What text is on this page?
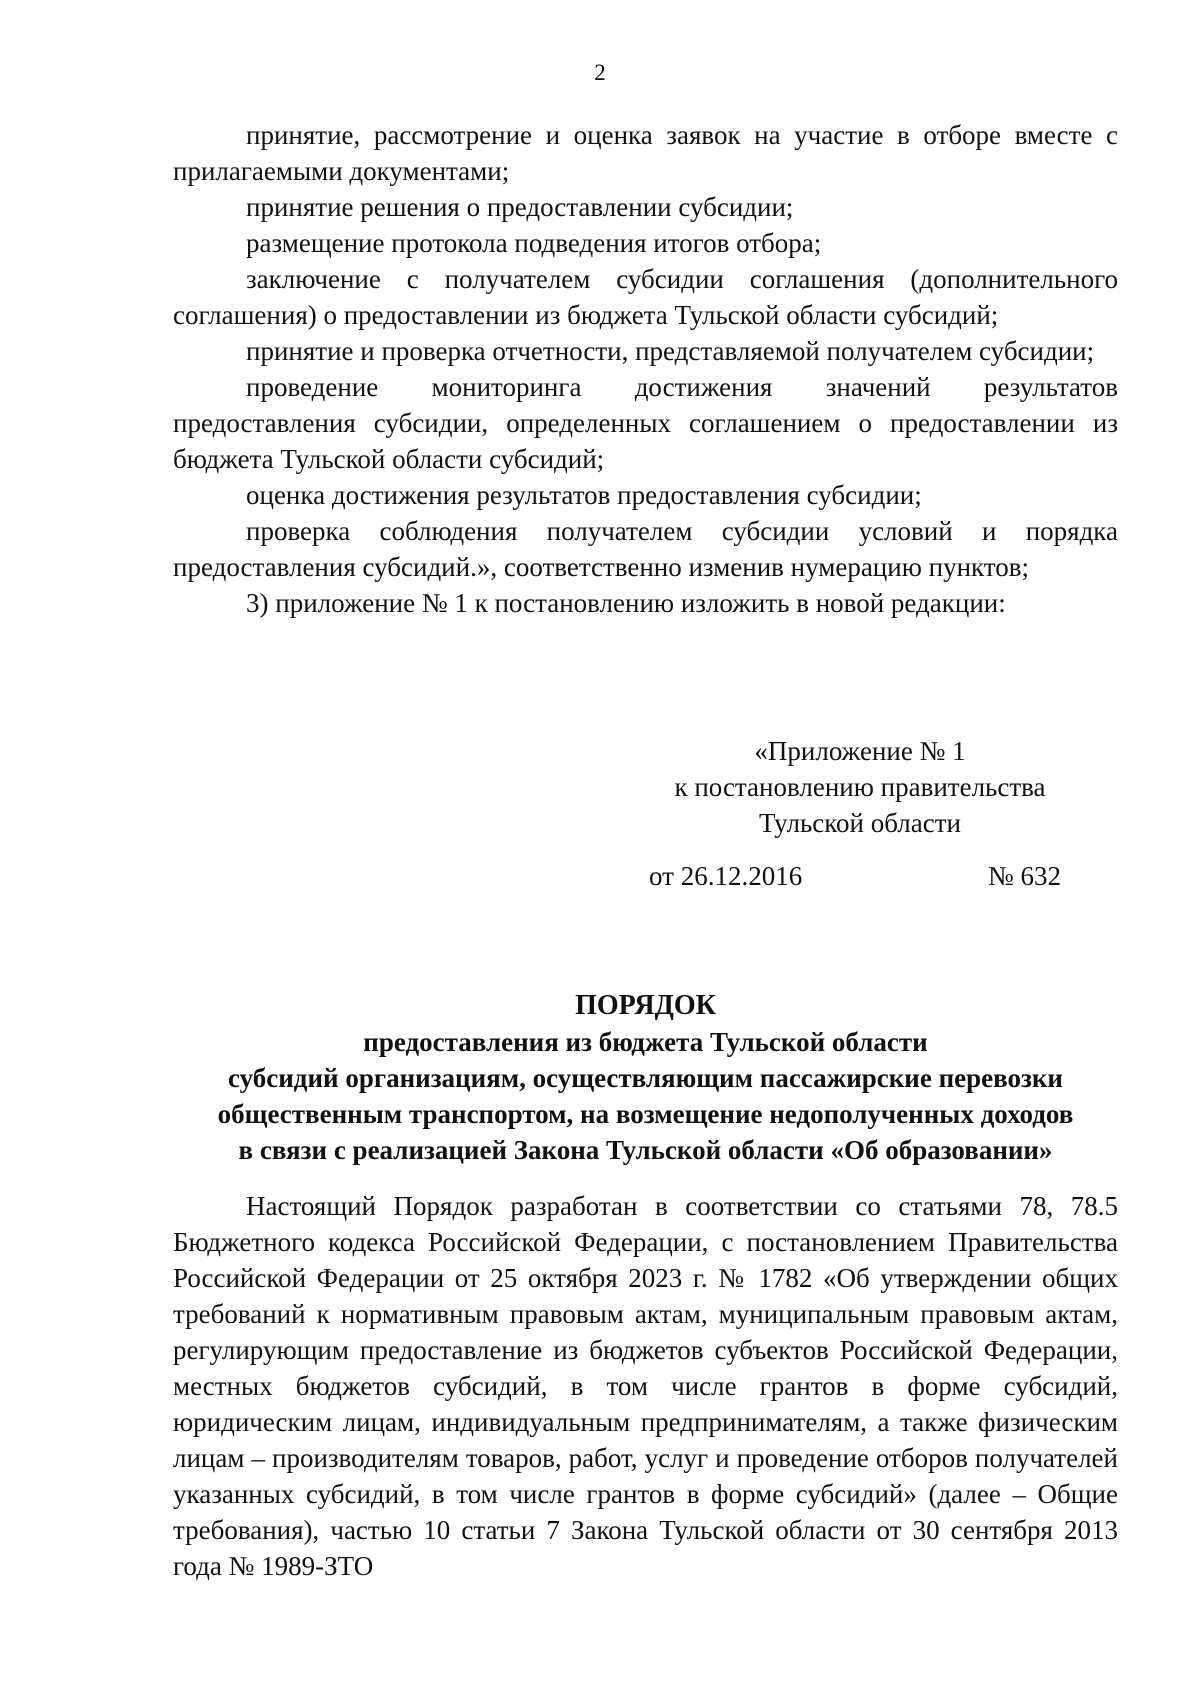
2

принятие, рассмотрение и оценка заявок на участие в отборе вместе с прилагаемыми документами;

принятие решения о предоставлении субсидии;

размещение протокола подведения итогов отбора;

заключение с получателем субсидии соглашения (дополнительного соглашения) о предоставлении из бюджета Тульской области субсидий;

принятие и проверка отчетности, представляемой получателем субсидии;

проведение мониторинга достижения значений результатов предоставления субсидии, определенных соглашением о предоставлении из бюджета Тульской области субсидий;

оценка достижения результатов предоставления субсидии;

проверка соблюдения получателем субсидии условий и порядка предоставления субсидий.», соответственно изменив нумерацию пунктов;

3) приложение № 1 к постановлению изложить в новой редакции:

«Приложение № 1
к постановлению правительства
Тульской области
от 26.12.2016	№ 632
ПОРЯДОК
предоставления из бюджета Тульской области
субсидий организациям, осуществляющим пассажирские перевозки
общественным транспортом, на возмещение недополученных доходов
в связи с реализацией Закона Тульской области «Об образовании»

Настоящий Порядок разработан в соответствии со статьями 78, 78.5 Бюджетного кодекса Российской Федерации, с постановлением Правительства Российской Федерации от 25 октября 2023 г. № 1782 «Об утверждении общих требований к нормативным правовым актам, муниципальным правовым актам, регулирующим предоставление из бюджетов субъектов Российской Федерации, местных бюджетов субсидий, в том числе грантов в форме субсидий, юридическим лицам, индивидуальным предпринимателям, а также физическим лицам – производителям товаров, работ, услуг и проведение отборов получателей указанных субсидий, в том числе грантов в форме субсидий» (далее – Общие требования), частью 10 статьи 7 Закона Тульской области от 30 сентября 2013 года № 1989-ЗТО
